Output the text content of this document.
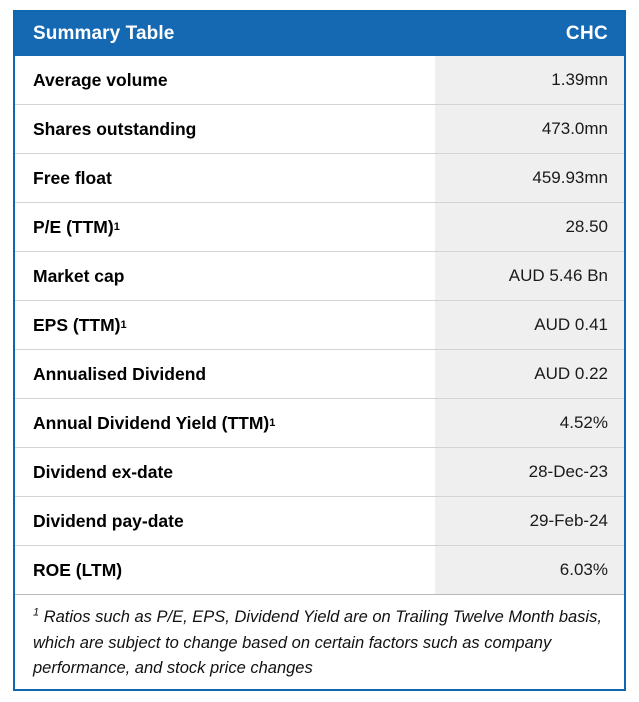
Summary Table	CHC
Average volume	1.39mn
Shares outstanding	473.0mn
Free float	459.93mn
P/E (TTM) 1	28.50
Market cap	AUD 5.46 Bn
EPS (TTM) 1	AUD 0.41
Annualised Dividend	AUD 0.22
Annual Dividend Yield (TTM) 1	4.52%
Dividend ex-date	28-Dec-23
Dividend pay-date	29-Feb-24
ROE (LTM)	6.03%
$^1$ Ratios such as P/E, EPS, Dividend Yield are on Trailing Twelve Month basis, which are subject to change based on certain factors such as company performance, and stock price changes
